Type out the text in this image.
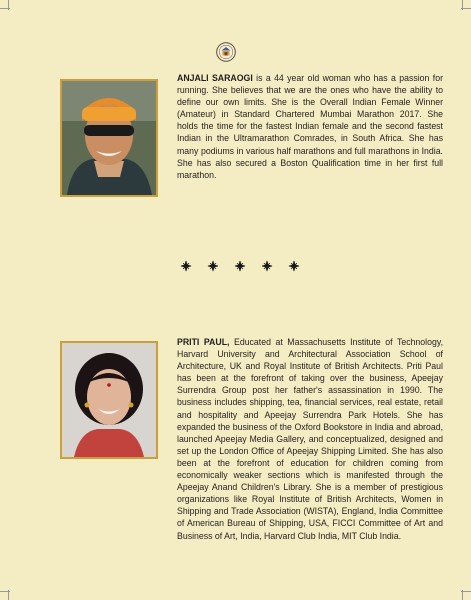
ANJALI SARAOGI is a 44 year old woman who has a passion for running. She believes that we are the ones who have the ability to define our own limits. She is the Overall Indian Female Winner (Amateur) in Standard Chartered Mumbai Marathon 2017. She holds the time for the fastest Indian female and the second fastest Indian in the Ultramarathon Comrades, in South Africa. She has many podiums in various half marathons and full marathons in India. She has also secured a Boston Qualification time in her first full marathon.

PRITI PAUL, Educated at Massachusetts Institute of Technology, Harvard University and Architectural Association School of Architecture, UK and Royal Institute of British Architects. Priti Paul has been at the forefront of taking over the business, Apeejay Surrendra Group post her father's assassination in 1990. The business includes shipping, tea, financial services, real estate, retail and hospitality and Apeejay Surrendra Park Hotels. She has expanded the business of the Oxford Bookstore in India and abroad, launched Apeejay Media Gallery, and conceptualized, designed and set up the London Office of Apeejay Shipping Limited. She has also been at the forefront of education for children coming from economically weaker sections which is manifested through the Apeejay Anand Children's Library. She is a member of prestigious organizations like Royal Institute of British Architects, Women in Shipping and Trade Association (WISTA), England, India Committee of American Bureau of Shipping, USA, FICCI Committee of Art and Business of Art, India, Harvard Club India, MIT Club India.
